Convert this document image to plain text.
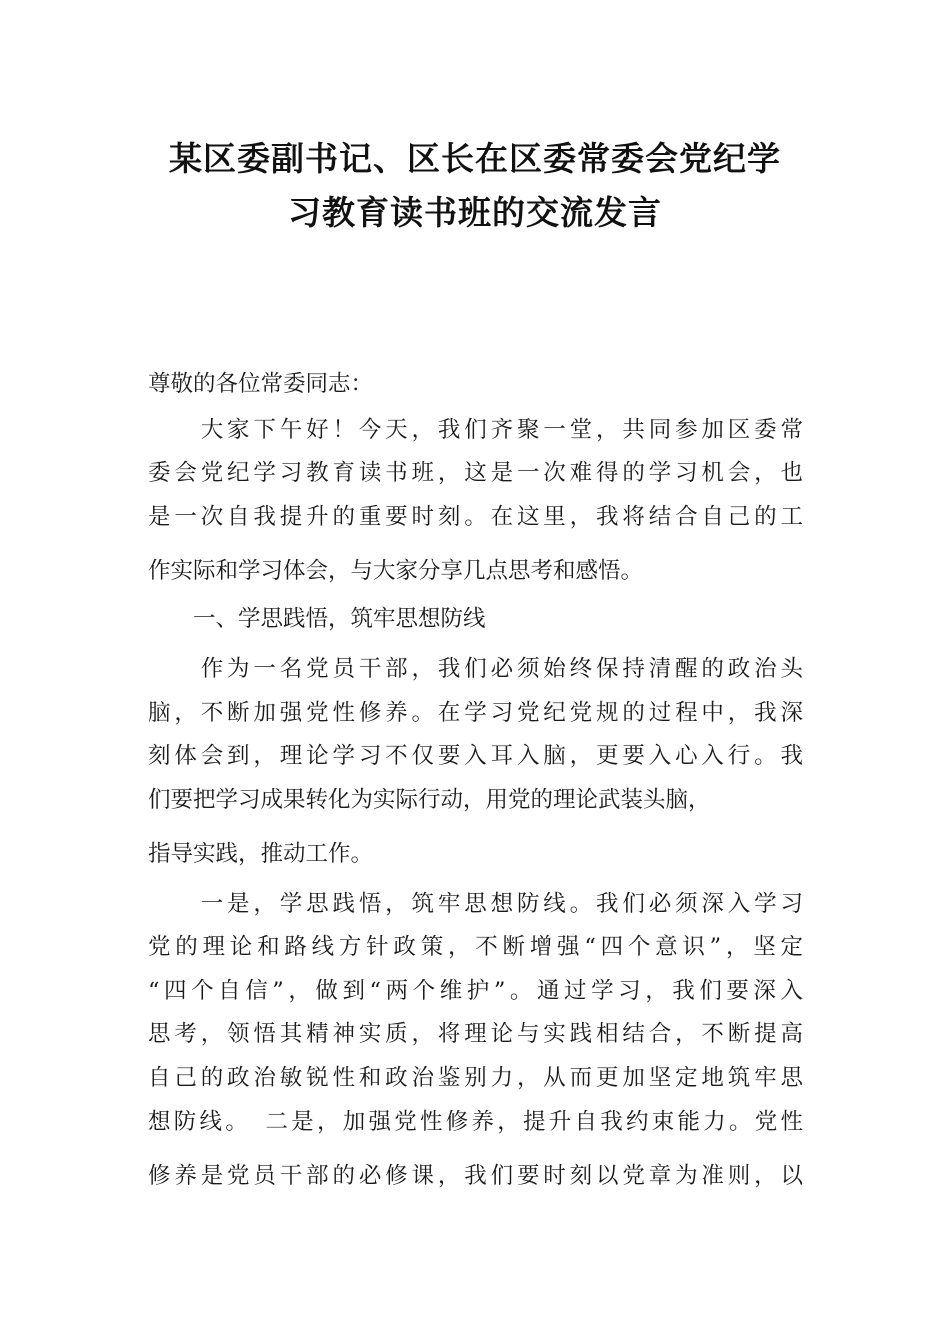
某区委副书记、区长在区委常委会党纪学
习教育读书班的交流发言

尊敬的各位常委同志：

　　大家下午好！今天，我们齐聚一堂，共同参加区委常

委会党纪学习教育读书班，这是一次难得的学习机会，也

是一次自我提升的重要时刻。在这里，我将结合自己的工

作实际和学习体会，与大家分享几点思考和感悟。

　　一、学思践悟，筑牢思想防线

　　作为一名党员干部，我们必须始终保持清醒的政治头

脑，不断加强党性修养。在学习党纪党规的过程中，我深

刻体会到，理论学习不仅要入耳入脑，更要入心入行。我

们要把学习成果转化为实际行动，用党的理论武装头脑，

指导实践，推动工作。

　　一是，学思践悟，筑牢思想防线。我们必须深入学习

党的理论和路线方针政策，不断增强“四个意识”，坚定

“四个自信”，做到“两个维护”。通过学习，我们要深入

思考，领悟其精神实质，将理论与实践相结合，不断提高

自己的政治敏锐性和政治鉴别力，从而更加坚定地筑牢思

想防线。　二是，加强党性修养，提升自我约束能力。党性

修养是党员干部的必修课，我们要时刻以党章为准则，以
